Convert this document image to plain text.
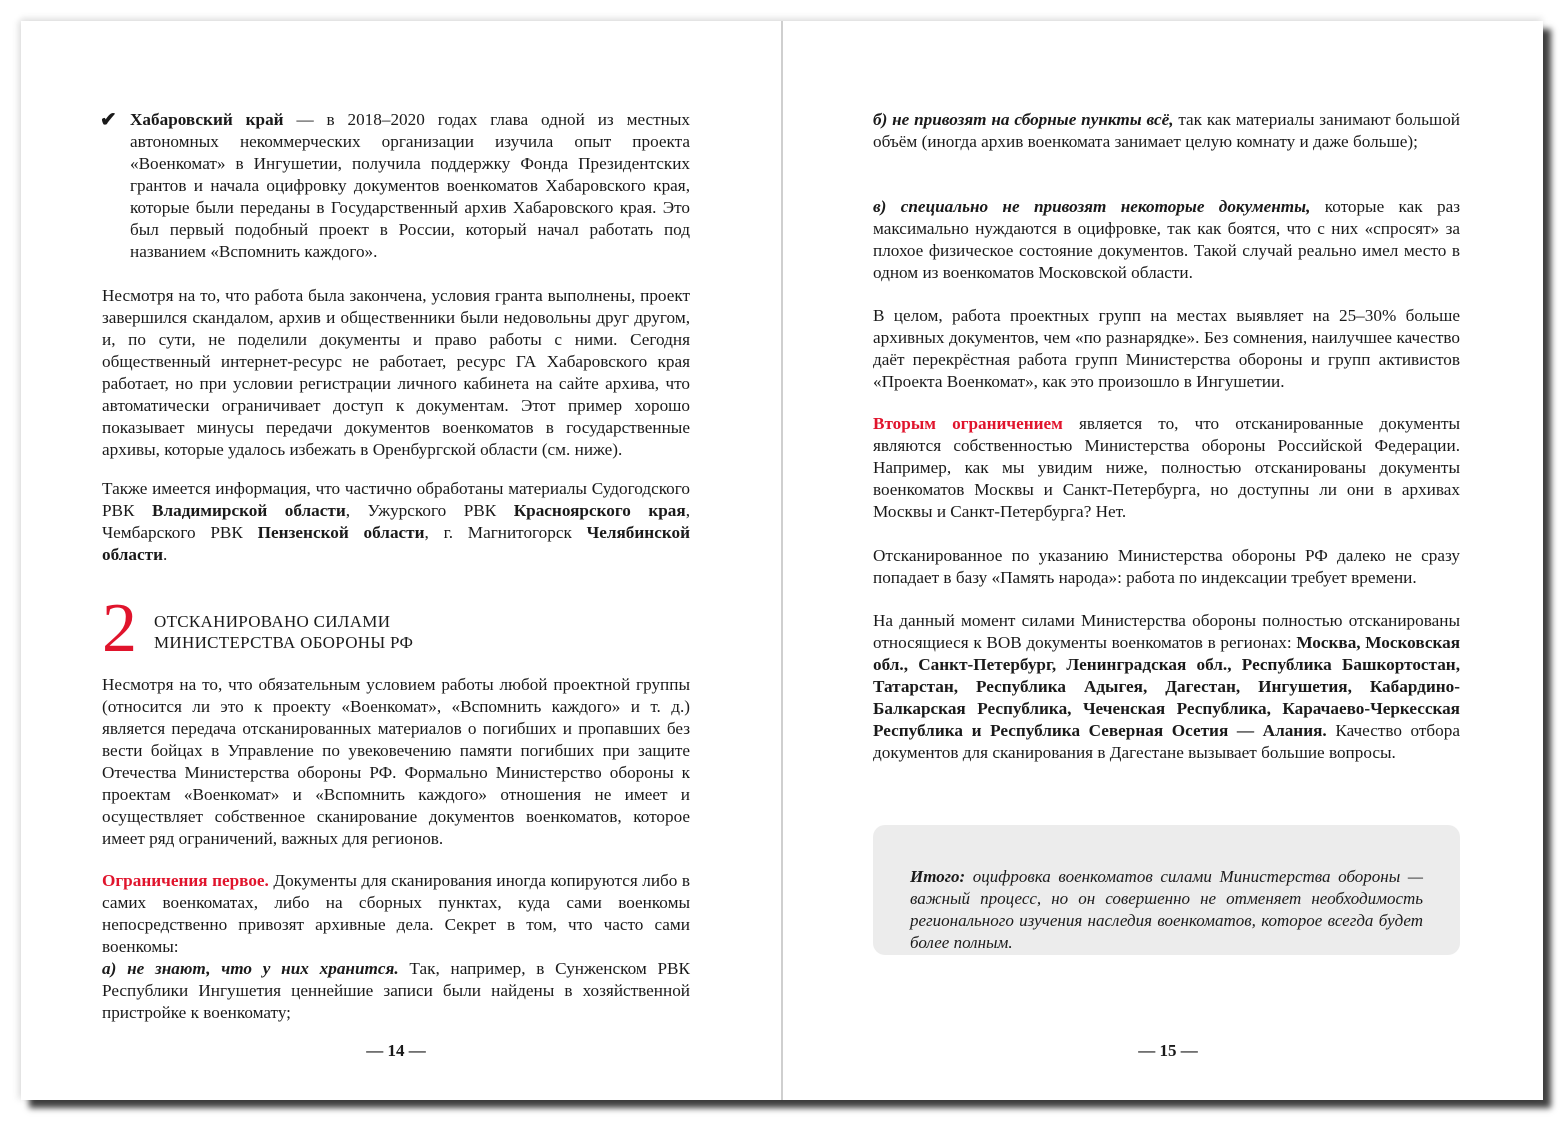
✔ Хабаровский край — в 2018–2020 годах глава одной из местных автономных некоммерческих организации изучила опыт проекта «Военкомат» в Ингушетии, получила поддержку Фонда Президентских грантов и начала оцифровку документов военкоматов Хабаровского края, которые были переданы в Государственный архив Хабаровского края. Это был первый подобный проект в России, который начал работать под названием «Вспомнить каждого».

Несмотря на то, что работа была закончена, условия гранта выполнены, проект завершился скандалом, архив и общественники были недовольны друг другом, и, по сути, не поделили документы и право работы с ними. Сегодня общественный интернет-ресурс не работает, ресурс ГА Хабаровского края работает, но при условии регистрации личного кабинета на сайте архива, что автоматически ограничивает доступ к документам. Этот пример хорошо показывает минусы передачи документов военкоматов в государственные архивы, которые удалось избежать в Оренбургской области (см. ниже).

Также имеется информация, что частично обработаны материалы Судогодского РВК Владимирской области, Ужурского РВК Красноярского края, Чембарского РВК Пензенской области, г. Магнитогорск Челябинской области.

2 ОТСКАНИРОВАНО СИЛАМИ
МИНИСТЕРСТВА ОБОРОНЫ РФ

Несмотря на то, что обязательным условием работы любой проектной группы (относится ли это к проекту «Военкомат», «Вспомнить каждого» и т. д.) является передача отсканированных материалов о погибших и пропавших без вести бойцах в Управление по увековечению памяти погибших при защите Отечества Министерства обороны РФ. Формально Министерство обороны к проектам «Военкомат» и «Вспомнить каждого» отношения не имеет и осуществляет собственное сканирование документов военкоматов, которое имеет ряд ограничений, важных для регионов.

Ограничения первое. Документы для сканирования иногда копируются либо в самих военкоматах, либо на сборных пунктах, куда сами военкомы непосредственно привозят архивные дела. Секрет в том, что часто сами военкомы:
а) не знают, что у них хранится. Так, например, в Сунженском РВК Республики Ингушетия ценнейшие записи были найдены в хозяйственной пристройке к военкомату;

— 14 —

б) не привозят на сборные пункты всё, так как материалы занимают большой объём (иногда архив военкомата занимает целую комнату и даже больше);

в) специально не привозят некоторые документы, которые как раз максимально нуждаются в оцифровке, так как боятся, что с них «спросят» за плохое физическое состояние документов. Такой случай реально имел место в одном из военкоматов Московской области.

В целом, работа проектных групп на местах выявляет на 25–30% больше архивных документов, чем «по разнарядке». Без сомнения, наилучшее качество даёт перекрёстная работа групп Министерства обороны и групп активистов «Проекта Военкомат», как это произошло в Ингушетии.

Вторым ограничением является то, что отсканированные документы являются собственностью Министерства обороны Российской Федерации. Например, как мы увидим ниже, полностью отсканированы документы военкоматов Москвы и Санкт-Петербурга, но доступны ли они в архивах Москвы и Санкт-Петербурга? Нет.

Отсканированное по указанию Министерства обороны РФ далеко не сразу попадает в базу «Память народа»: работа по индексации требует времени.

На данный момент силами Министерства обороны полностью отсканированы относящиеся к ВОВ документы военкоматов в регионах: Москва, Московская обл., Санкт-Петербург, Ленинградская обл., Республика Башкортостан, Татарстан, Республика Адыгея, Дагестан, Ингушетия, Кабардино-Балкарская Республика, Чеченская Республика, Карачаево-Черкесская Республика и Республика Северная Осетия — Алания. Качество отбора документов для сканирования в Дагестане вызывает большие вопросы.

Итого: оцифровка военкоматов силами Министерства обороны — важный процесс, но он совершенно не отменяет необходимость регионального изучения наследия военкоматов, которое всегда будет более полным.

— 15 —
